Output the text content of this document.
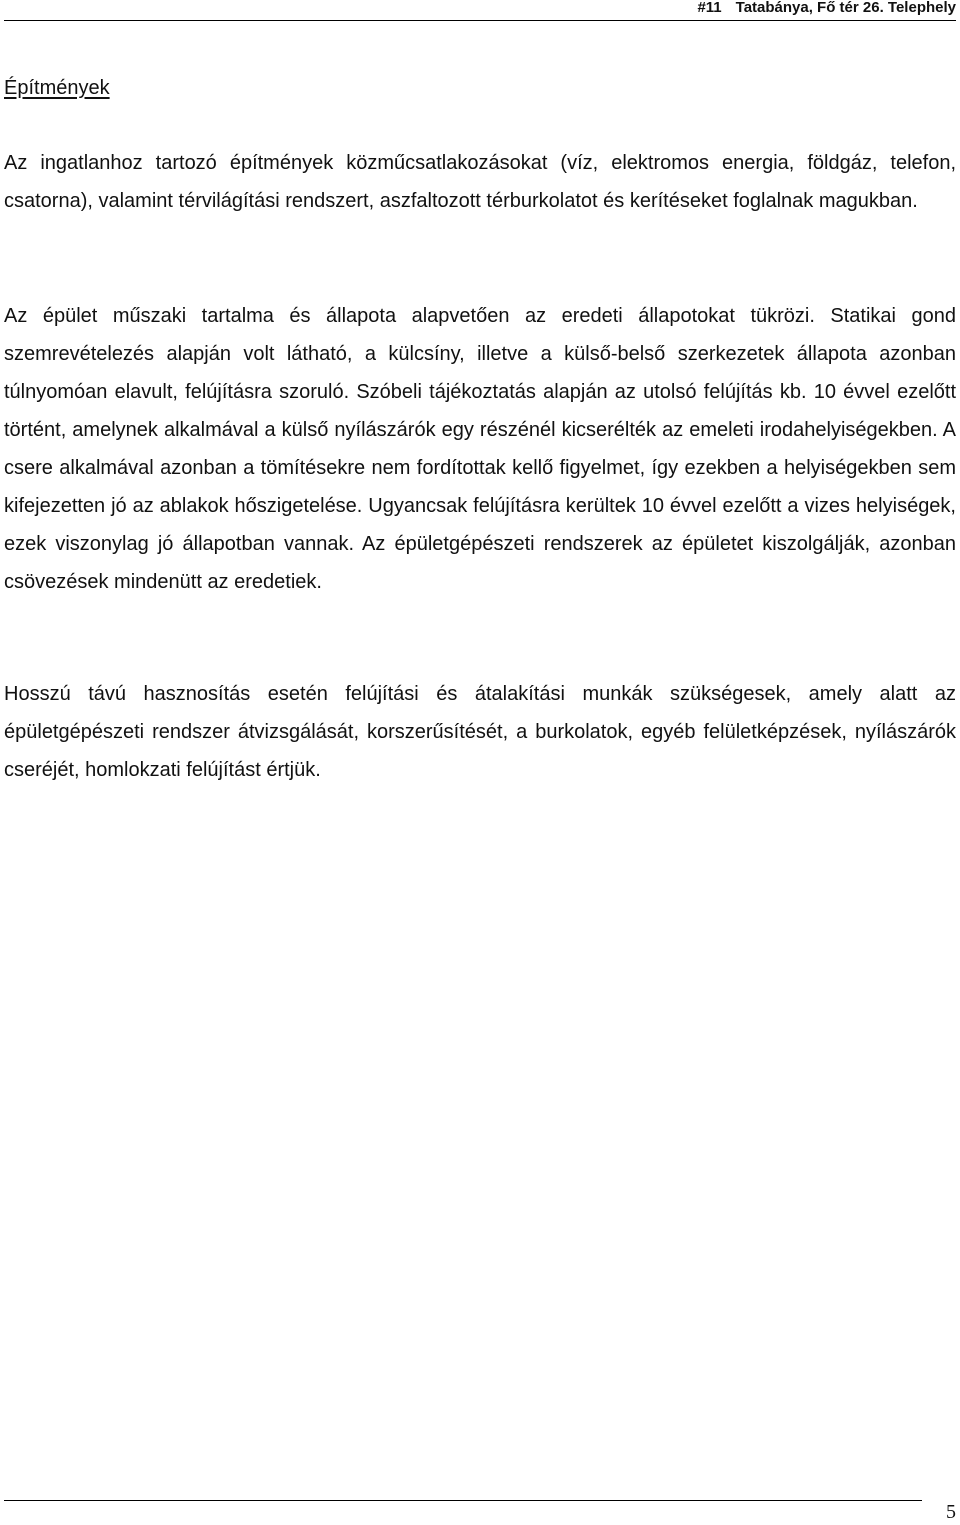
#11 Tatabánya, Fő tér 26. Telephely
Építmények

Az ingatlanhoz tartozó építmények közműcsatlakozásokat (víz, elektromos energia, földgáz, telefon, csatorna), valamint térvilágítási rendszert, aszfaltozott térburkolatot és kerítéseket foglalnak magukban.

Az épület műszaki tartalma és állapota alapvetően az eredeti állapotokat tükrözi. Statikai gond szemrevételezés alapján volt látható, a külcsíny, illetve a külső-belső szerkezetek állapota azonban túlnyomóan elavult, felújításra szoruló. Szóbeli tájékoztatás alapján az utolsó felújítás kb. 10 évvel ezelőtt történt, amelynek alkalmával a külső nyílászárók egy részénél kicserélték az emeleti irodahelyiségekben. A csere alkalmával azonban a tömítésekre nem fordítottak kellő figyelmet, így ezekben a helyiségekben sem kifejezetten jó az ablakok hőszigetelése. Ugyancsak felújításra kerültek 10 évvel ezelőtt a vizes helyiségek, ezek viszonylag jó állapotban vannak. Az épületgépészeti rendszerek az épületet kiszolgálják, azonban csövezések mindenütt az eredetiek.

Hosszú távú hasznosítás esetén felújítási és átalakítási munkák szükségesek, amely alatt az épületgépészeti rendszer átvizsgálását, korszerűsítését, a burkolatok, egyéb felületképzések, nyílászárók cseréjét, homlokzati felújítást értjük.

5
